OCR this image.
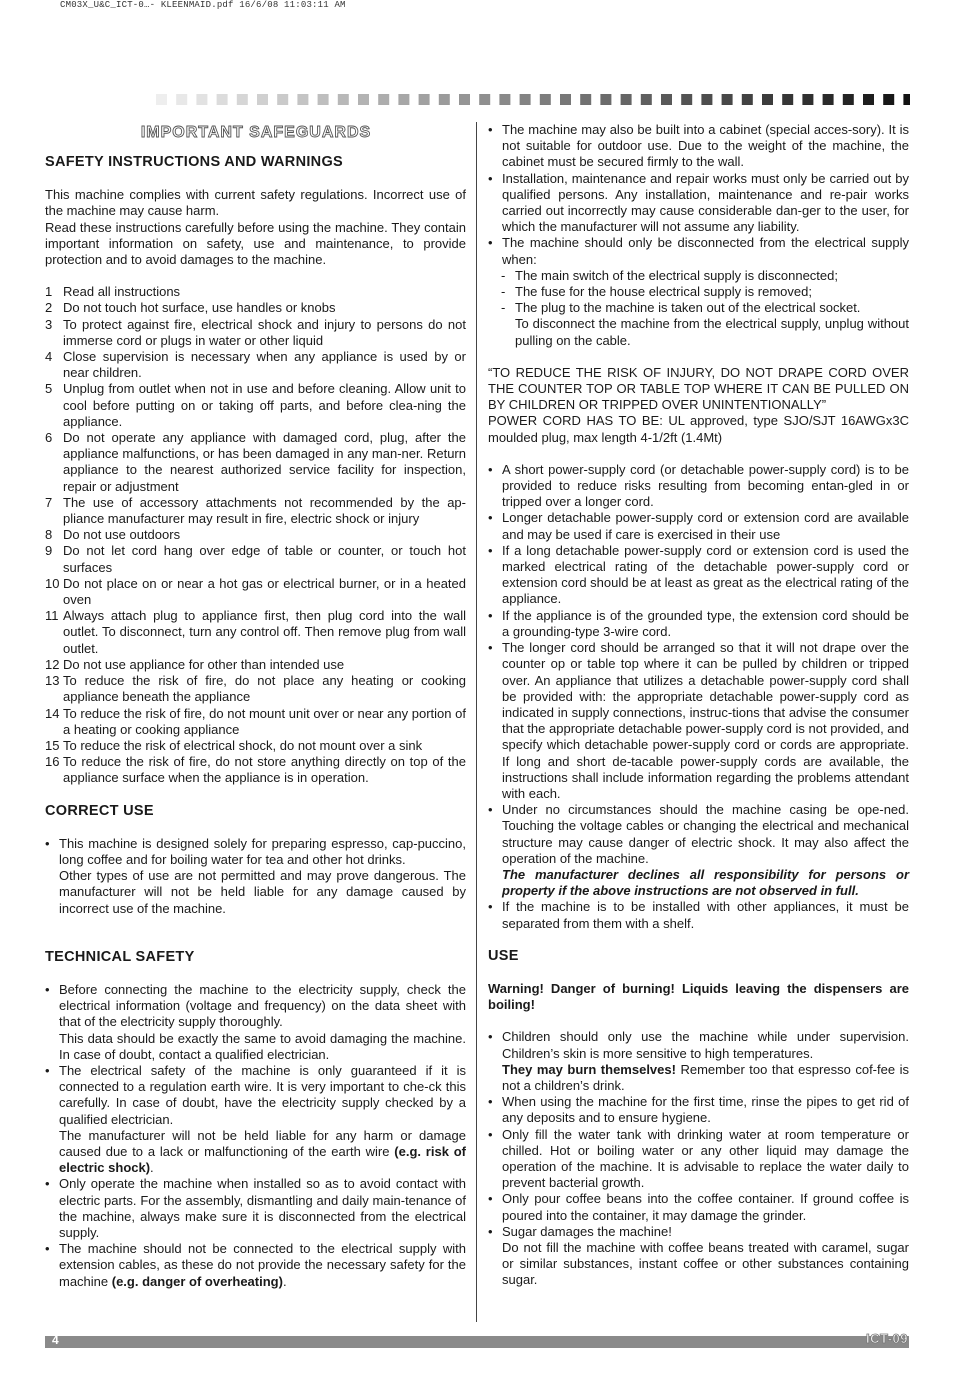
CM03X_U&C_ICT-0…- KLEENMAID.pdf 16/6/08 11:03:11 AM
IMPORTANT SAFEGUARDS
SAFETY INSTRUCTIONS AND WARNINGS

This machine complies with current safety regulations. Incorrect use of the machine may cause harm.

Read these instructions carefully before using the machine. They contain important information on safety, use and maintenance, to provide protection and to avoid damages to the machine.

1 Read all instructions
2 Do not touch hot surface, use handles or knobs
3 To protect against fire, electrical shock and injury to persons do not immerse cord or plugs in water or other liquid
4 Close supervision is necessary when any appliance is used by or near children.
5 Unplug from outlet when not in use and before cleaning. Allow unit to cool before putting on or taking off parts, and before clea-ning the appliance.
6 Do not operate any appliance with damaged cord, plug, after the appliance malfunctions, or has been damaged in any man-ner. Return appliance to the nearest authorized service facility for inspection, repair or adjustment
7 The use of accessory attachments not recommended by the ap-pliance manufacturer may result in fire, electric shock or injury
8 Do not use outdoors
9 Do not let cord hang over edge of table or counter, or touch hot surfaces
10 Do not place on or near a hot gas or electrical burner, or in a heated oven
11 Always attach plug to appliance first, then plug cord into the wall outlet. To disconnect, turn any control off. Then remove plug from wall outlet.
12 Do not use appliance for other than intended use
13 To reduce the risk of fire, do not place any heating or cooking appliance beneath the appliance
14 To reduce the risk of fire, do not mount unit over or near any portion of a heating or cooking appliance
15 To reduce the risk of electrical shock, do not mount over a sink
16 To reduce the risk of fire, do not store anything directly on top of the appliance surface when the appliance is in operation.
CORRECT USE
• This machine is designed solely for preparing espresso, cap-puccino, long coffee and for boiling water for tea and other hot drinks.

Other types of use are not permitted and may prove dangerous. The manufacturer will not be held liable for any damage caused by incorrect use of the machine.

TECHNICAL SAFETY
• Before connecting the machine to the electricity supply, check the electrical information (voltage and frequency) on the data sheet with that of the electricity supply thoroughly.

This data should be exactly the same to avoid damaging the machine. In case of doubt, contact a qualified electrician.

• The electrical safety of the machine is only guaranteed if it is connected to a regulation earth wire. It is very important to che-ck this carefully. In case of doubt, have the electricity supply checked by a qualified electrician.

The manufacturer will not be held liable for any harm or damage caused due to a lack or malfunctioning of the earth wire (e.g. risk of electric shock).

• Only operate the machine when installed so as to avoid contact with electric parts. For the assembly, dismantling and daily main-tenance of the machine, always make sure it is disconnected from the electrical supply.

• The machine should not be connected to the electrical supply with extension cables, as these do not provide the necessary safety for the machine (e.g. danger of overheating).

• The machine may also be built into a cabinet (special acces-sory). It is not suitable for outdoor use. Due to the weight of the machine, the cabinet must be secured firmly to the wall.
• Installation, maintenance and repair works must only be carried out by qualified persons. Any installation, maintenance and re-pair works carried out incorrectly may cause considerable dan-ger to the user, for which the manufacturer will not assume any liability.
• The machine should only be disconnected from the electrical supply when:
- The main switch of the electrical supply is disconnected;
- The fuse for the house electrical supply is removed;
- The plug to the machine is taken out of the electrical socket.

To disconnect the machine from the electrical supply, unplug without pulling on the cable.

“TO REDUCE THE RISK OF INJURY, DO NOT DRAPE CORD OVER THE COUNTER TOP OR TABLE TOP WHERE IT CAN BE PULLED ON BY CHILDREN OR TRIPPED OVER UNINTENTIONALLY”

POWER CORD HAS TO BE: UL approved, type SJO/SJT 16AWGx3C moulded plug, max length 4-1/2ft (1.4Mt)

• A short power-supply cord (or detachable power-supply cord) is to be provided to reduce risks resulting from becoming entan-gled in or tripped over a longer cord.
• Longer detachable power-supply cord or extension cord are available and may be used if care is exercised in their use
• If a long detachable power-supply cord or extension cord is used the marked electrical rating of the detachable power-supply cord or extension cord should be at least as great as the electrical rating of the appliance.
• If the appliance is of the grounded type, the extension cord should be a grounding-type 3-wire cord.
• The longer cord should be arranged so that it will not drape over the counter op or table top where it can be pulled by children or tripped over. An appliance that utilizes a detachable power-supply cord shall be provided with: the appropriate detachable power-supply cord as indicated in supply connections, instruc-tions that advise the consumer that the appropriate detachable power-supply cord is not provided, and specify which detachable power-supply cord or cords are appropriate. If long and short de-tacable power-supply cords are available, the instructions shall include information regarding the problems attendant with each.
• Under no circumstances should the machine casing be ope-ned. Touching the voltage cables or changing the electrical and mechanical structure may cause danger of electric shock. It may also affect the operation of the machine.

The manufacturer declines all responsibility for persons or property if the above instructions are not observed in full.

• If the machine is to be installed with other appliances, it must be separated from them with a shelf.
USE

Warning! Danger of burning! Liquids leaving the dispensers are boiling!

• Children should only use the machine while under supervision. Children’s skin is more sensitive to high temperatures.

They may burn themselves! Remember too that espresso cof-fee is not a children’s drink.

• When using the machine for the first time, rinse the pipes to get rid of any deposits and to ensure hygiene.
• Only fill the water tank with drinking water at room temperature or chilled. Hot or boiling water or any other liquid may damage the operation of the machine. It is advisable to replace the water daily to prevent bacterial growth.
• Only pour coffee beans into the coffee container. If ground coffee is poured into the container, it may damage the grinder.
• Sugar damages the machine!

Do not fill the machine with coffee beans treated with caramel, sugar or similar substances, instant coffee or other substances containing sugar.

4	ICT-09
